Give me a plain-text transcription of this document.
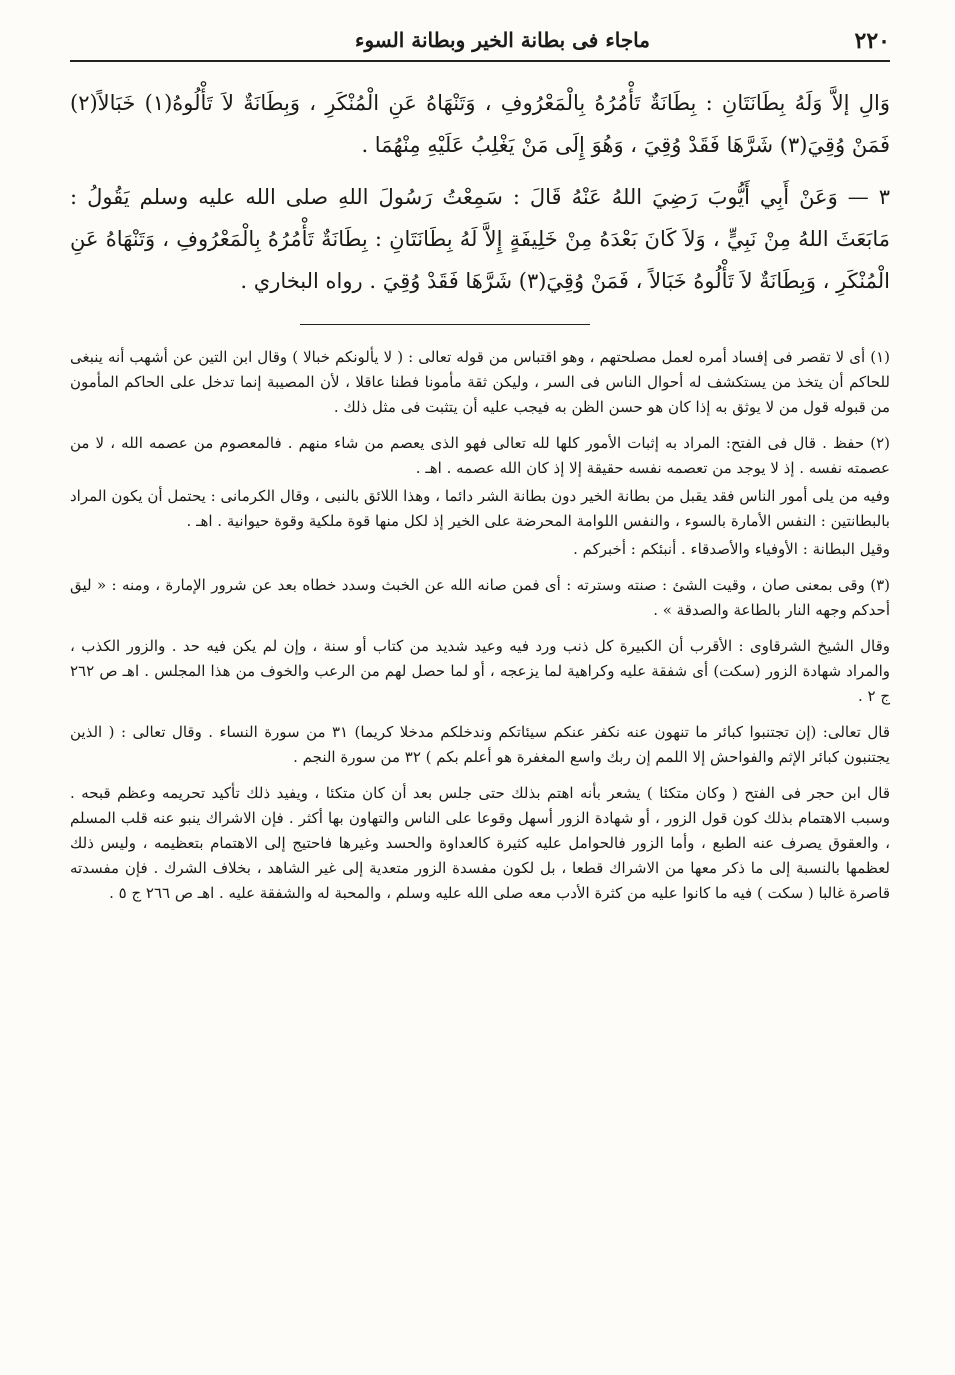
٢٢٠
ماجاء فى بطانة الخير وبطانة السوء

وَالِ إلاَّ وَلَهُ بِطَانَتَانِ : بِطَانَةٌ تَأْمُرُهُ بِالْمَعْرُوفِ ، وَتَنْهَاهُ عَنِ الْمُنْكَرِ ، وَبِطَانَةٌ لاَ تَأْلُوهُ(١) خَبَالاً(٢) فَمَنْ وُقِيَ(٣) شَرَّهَا فَقَدْ وُقِيَ ، وَهُوَ إِلَى مَنْ يَغْلِبُ عَلَيْهِ مِنْهُمَا .

٣ — وَعَنْ أَبِي أَيُّوبَ رَضِيَ اللهُ عَنْهُ قَالَ : سَمِعْتُ رَسُولَ اللهِ صلى الله عليه وسلم يَقُولُ : مَابَعَثَ اللهُ مِنْ نَبِيٍّ ، وَلاَ كَانَ بَعْدَهُ مِنْ خَلِيفَةٍ إِلاَّ لَهُ بِطَانَتَانِ : بِطَانَةٌ تَأْمُرُهُ بِالْمَعْرُوفِ ، وَتَنْهَاهُ عَنِ الْمُنْكَرِ ، وَبِطَانَةٌ لاَ تَأْلُوهُ خَبَالاً ، فَمَنْ وُقِيَ(٣) شَرَّهَا فَقَدْ وُقِيَ . رواه البخاري .

(١) أى لا تقصر فى إفساد أمره لعمل مصلحتهم ، وهو اقتباس من قوله تعالى : ( لا يألونكم خبالا ) وقال ابن التين عن أشهب أنه ينبغى للحاكم أن يتخذ من يستكشف له أحوال الناس فى السر ، وليكن ثقة مأمونا فطنا عاقلا ، لأن المصيبة إنما تدخل على الحاكم المأمون من قبوله قول من لا يوثق به إذا كان هو حسن الظن به فيجب عليه أن يتثبت فى مثل ذلك .

(٢) حفظ . قال فى الفتح: المراد به إثبات الأمور كلها لله تعالى فهو الذى يعصم من شاء منهم . فالمعصوم من عصمه الله ، لا من عصمته نفسه . إذ لا يوجد من تعصمه نفسه حقيقة إلا إذ كان الله عصمه . اهـ .

وفيه من يلى أمور الناس فقد يقبل من بطانة الخير دون بطانة الشر دائما ، وهذا اللائق بالنبى ، وقال الكرمانى : يحتمل أن يكون المراد بالبطانتين : النفس الأمارة بالسوء ، والنفس اللوامة المحرضة على الخير إذ لكل منها قوة ملكية وقوة حيوانية . اهـ .

وقيل البطانة : الأوفياء والأصدقاء . أنبئكم : أخبركم .

(٣) وقى بمعنى صان ، وقيت الشئ : صنته وسترته : أى فمن صانه الله عن الخبث وسدد خطاه بعد عن شرور الإمارة ، ومنه : « ليق أحدكم وجهه النار بالطاعة والصدقة » .

وقال الشيخ الشرقاوى : الأقرب أن الكبيرة كل ذنب ورد فيه وعيد شديد من كتاب أو سنة ، وإن لم يكن فيه حد . والزور الكذب ، والمراد شهادة الزور (سكت) أى شفقة عليه وكراهية لما يزعجه ، أو لما حصل لهم من الرعب والخوف من هذا المجلس . اهـ ص ٢٦٢ ج ٢ .

قال تعالى: (إن تجتنبوا كبائر ما تنهون عنه نكفر عنكم سيئاتكم وندخلكم مدخلا كريما) ٣١ من سورة النساء . وقال تعالى : ( الذين يجتنبون كبائر الإثم والفواحش إلا اللمم إن ربك واسع المغفرة هو أعلم بكم ) ٣٢ من سورة النجم .

قال ابن حجر فى الفتح ( وكان متكئا ) يشعر بأنه اهتم بذلك حتى جلس بعد أن كان متكئا ، ويفيد ذلك تأكيد تحريمه وعظم قبحه . وسبب الاهتمام بذلك كون قول الزور ، أو شهادة الزور أسهل وقوعا على الناس والتهاون بها أكثر . فإن الاشراك ينبو عنه قلب المسلم ، والعقوق يصرف عنه الطبع ، وأما الزور فالحوامل عليه كثيرة كالعداوة والحسد وغيرها فاحتيج إلى الاهتمام بتعظيمه ، وليس ذلك لعظمها بالنسبة إلى ما ذكر معها من الاشراك قطعا ، بل لكون مفسدة الزور متعدية إلى غير الشاهد ، بخلاف الشرك . فإن مفسدته قاصرة غالبا ( سكت ) فيه ما كانوا عليه من كثرة الأدب معه صلى الله عليه وسلم ، والمحبة له والشفقة عليه . اهـ ص ٢٦٦ ج ٥ .
